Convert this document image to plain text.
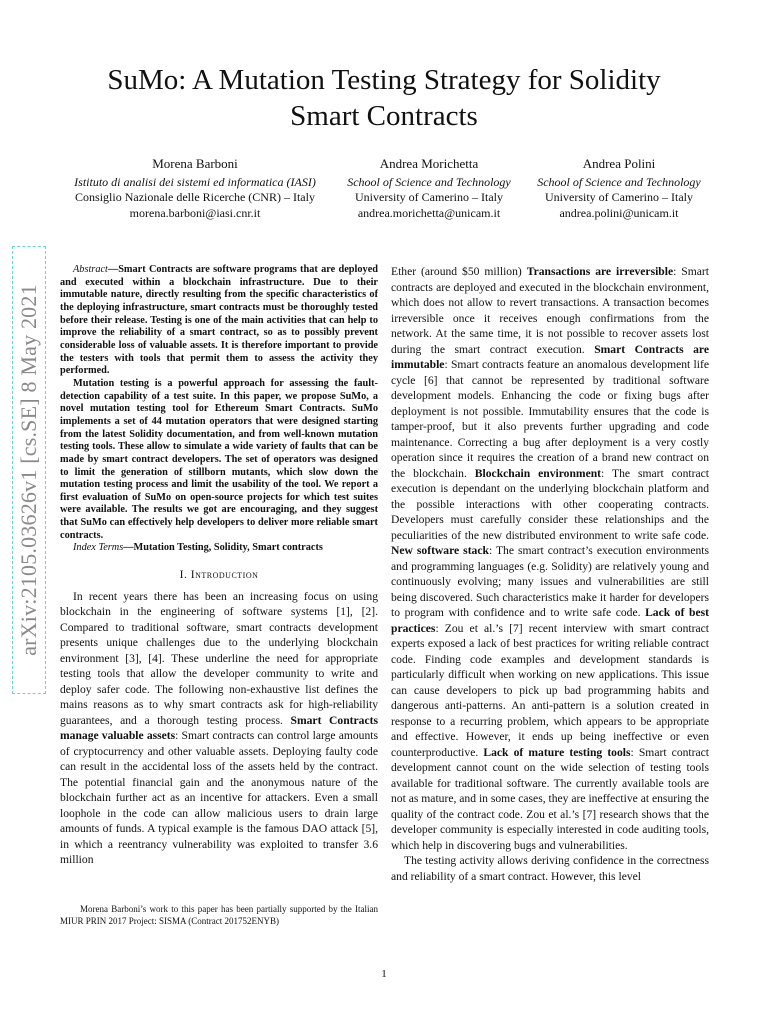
arXiv:2105.03626v1 [cs.SE] 8 May 2021
SuMo: A Mutation Testing Strategy for Solidity
Smart Contracts
Morena Barboni
Istituto di analisi dei sistemi ed informatica (IASI)
Consiglio Nazionale delle Ricerche (CNR) – Italy
morena.barboni@iasi.cnr.it
Andrea Morichetta
School of Science and Technology
University of Camerino – Italy
andrea.morichetta@unicam.it
Andrea Polini
School of Science and Technology
University of Camerino – Italy
andrea.polini@unicam.it

Abstract—Smart Contracts are software programs that are deployed and executed within a blockchain infrastructure. Due to their immutable nature, directly resulting from the specific characteristics of the deploying infrastructure, smart contracts must be thoroughly tested before their release. Testing is one of the main activities that can help to improve the reliability of a smart contract, so as to possibly prevent considerable loss of valuable assets. It is therefore important to provide the testers with tools that permit them to assess the activity they performed.

Mutation testing is a powerful approach for assessing the fault-detection capability of a test suite. In this paper, we propose SuMo, a novel mutation testing tool for Ethereum Smart Contracts. SuMo implements a set of 44 mutation operators that were designed starting from the latest Solidity documentation, and from well-known mutation testing tools. These allow to simulate a wide variety of faults that can be made by smart contract developers. The set of operators was designed to limit the generation of stillborn mutants, which slow down the mutation testing process and limit the usability of the tool. We report a first evaluation of SuMo on open-source projects for which test suites were available. The results we got are encouraging, and they suggest that SuMo can effectively help developers to deliver more reliable smart contracts.

Index Terms—Mutation Testing, Solidity, Smart contracts

I. Introduction

In recent years there has been an increasing focus on using blockchain in the engineering of software systems [1], [2]. Compared to traditional software, smart contracts development presents unique challenges due to the underlying blockchain environment [3], [4]. These underline the need for appropriate testing tools that allow the developer community to write and deploy safer code. The following non-exhaustive list defines the mains reasons as to why smart contracts ask for high-reliability guarantees, and a thorough testing process. Smart Contracts manage valuable assets: Smart contracts can control large amounts of cryptocurrency and other valuable assets. Deploying faulty code can result in the accidental loss of the assets held by the contract. The potential financial gain and the anonymous nature of the blockchain further act as an incentive for attackers. Even a small loophole in the code can allow malicious users to drain large amounts of funds. A typical example is the famous DAO attack [5], in which a reentrancy vulnerability was exploited to transfer 3.6 million

Morena Barboni’s work to this paper has been partially supported by the Italian MIUR PRIN 2017 Project: SISMA (Contract 201752ENYB)

Ether (around $50 million) Transactions are irreversible: Smart contracts are deployed and executed in the blockchain environment, which does not allow to revert transactions. A transaction becomes irreversible once it receives enough confirmations from the network. At the same time, it is not possible to recover assets lost during the smart contract execution. Smart Contracts are immutable: Smart contracts feature an anomalous development life cycle [6] that cannot be represented by traditional software development models. Enhancing the code or fixing bugs after deployment is not possible. Immutability ensures that the code is tamper-proof, but it also prevents further upgrading and code maintenance. Correcting a bug after deployment is a very costly operation since it requires the creation of a brand new contract on the blockchain. Blockchain environment: The smart contract execution is dependant on the underlying blockchain platform and the possible interactions with other cooperating contracts. Developers must carefully consider these relationships and the peculiarities of the new distributed environment to write safe code. New software stack: The smart contract’s execution environments and programming languages (e.g. Solidity) are relatively young and continuously evolving; many issues and vulnerabilities are still being discovered. Such characteristics make it harder for developers to program with confidence and to write safe code. Lack of best practices: Zou et al.’s [7] recent interview with smart contract experts exposed a lack of best practices for writing reliable contract code. Finding code examples and development standards is particularly difficult when working on new applications. This issue can cause developers to pick up bad programming habits and dangerous anti-patterns. An anti-pattern is a solution created in response to a recurring problem, which appears to be appropriate and effective. However, it ends up being ineffective or even counterproductive. Lack of mature testing tools: Smart contract development cannot count on the wide selection of testing tools available for traditional software. The currently available tools are not as mature, and in some cases, they are ineffective at ensuring the quality of the contract code. Zou et al.’s [7] research shows that the developer community is especially interested in code auditing tools, which help in discovering bugs and vulnerabilities.

The testing activity allows deriving confidence in the correctness and reliability of a smart contract. However, this level

1
